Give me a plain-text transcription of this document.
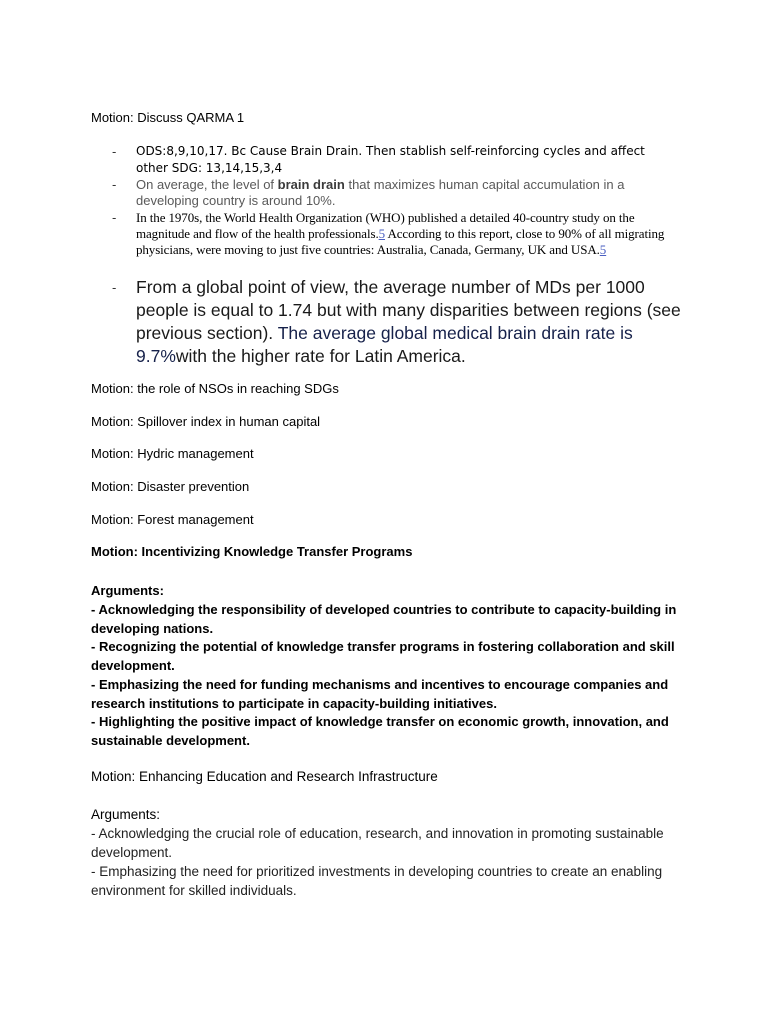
Motion: Discuss QARMA 1

- ODS:8,9,10,17. Bc Cause Brain Drain. Then stablish self-reinforcing cycles and affect other SDG: 13,14,15,3,4
- On average, the level of brain drain that maximizes human capital accumulation in a developing country is around 10%.
- In the 1970s, the World Health Organization (WHO) published a detailed 40-country study on the magnitude and flow of the health professionals.5 According to this report, close to 90% of all migrating physicians, were moving to just five countries: Australia, Canada, Germany, UK and USA.5
- From a global point of view, the average number of MDs per 1000 people is equal to 1.74 but with many disparities between regions (see previous section). The average global medical brain drain rate is 9.7%with the higher rate for Latin America.

Motion: the role of NSOs in reaching SDGs

Motion: Spillover index in human capital

Motion: Hydric management

Motion: Disaster prevention

Motion: Forest management

Motion: Incentivizing Knowledge Transfer Programs

Arguments:

- Acknowledging the responsibility of developed countries to contribute to capacity-building in developing nations.

- Recognizing the potential of knowledge transfer programs in fostering collaboration and skill development.

- Emphasizing the need for funding mechanisms and incentives to encourage companies and research institutions to participate in capacity-building initiatives.

- Highlighting the positive impact of knowledge transfer on economic growth, innovation, and sustainable development.

Motion: Enhancing Education and Research Infrastructure

Arguments:

- Acknowledging the crucial role of education, research, and innovation in promoting sustainable development.

- Emphasizing the need for prioritized investments in developing countries to create an enabling environment for skilled individuals.
